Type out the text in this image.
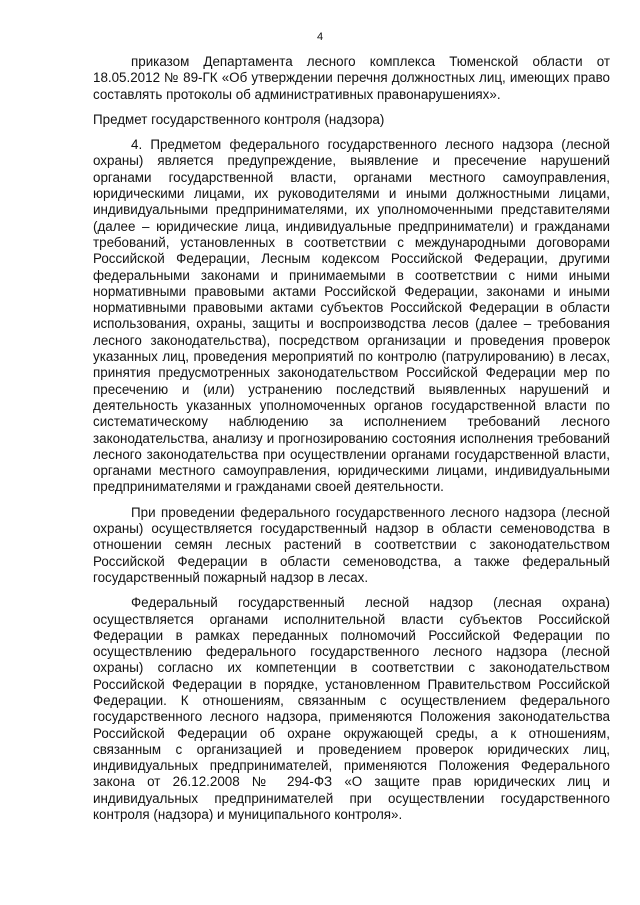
4

приказом Департамента лесного комплекса Тюменской области от 18.05.2012 № 89-ГК «Об утверждении перечня должностных лиц, имеющих право составлять протоколы об административных правонарушениях».

Предмет государственного контроля (надзора)

4. Предметом федерального государственного лесного надзора (лесной охраны) является предупреждение, выявление и пресечение нарушений органами государственной власти, органами местного самоуправления, юридическими лицами, их руководителями и иными должностными лицами, индивидуальными предпринимателями, их уполномоченными представителями (далее – юридические лица, индивидуальные предприниматели) и гражданами требований, установленных в соответствии с международными договорами Российской Федерации, Лесным кодексом Российской Федерации, другими федеральными законами и принимаемыми в соответствии с ними иными нормативными правовыми актами Российской Федерации, законами и иными нормативными правовыми актами субъектов Российской Федерации в области использования, охраны, защиты и воспроизводства лесов (далее – требования лесного законодательства), посредством организации и проведения проверок указанных лиц, проведения мероприятий по контролю (патрулированию) в лесах, принятия предусмотренных законодательством Российской Федерации мер по пресечению и (или) устранению последствий выявленных нарушений и деятельность указанных уполномоченных органов государственной власти по систематическому наблюдению за исполнением требований лесного законодательства, анализу и прогнозированию состояния исполнения требований лесного законодательства при осуществлении органами государственной власти, органами местного самоуправления, юридическими лицами, индивидуальными предпринимателями и гражданами своей деятельности.

При проведении федерального государственного лесного надзора (лесной охраны) осуществляется государственный надзор в области семеноводства в отношении семян лесных растений в соответствии с законодательством Российской Федерации в области семеноводства, а также федеральный государственный пожарный надзор в лесах.

Федеральный государственный лесной надзор (лесная охрана) осуществляется органами исполнительной власти субъектов Российской Федерации в рамках переданных полномочий Российской Федерации по осуществлению федерального государственного лесного надзора (лесной охраны) согласно их компетенции в соответствии с законодательством Российской Федерации в порядке, установленном Правительством Российской Федерации. К отношениям, связанным с осуществлением федерального государственного лесного надзора, применяются Положения законодательства Российской Федерации об охране окружающей среды, а к отношениям, связанным с организацией и проведением проверок юридических лиц, индивидуальных предпринимателей, применяются Положения Федерального закона от 26.12.2008 № 294-ФЗ «О защите прав юридических лиц и индивидуальных предпринимателей при осуществлении государственного контроля (надзора) и муниципального контроля».
